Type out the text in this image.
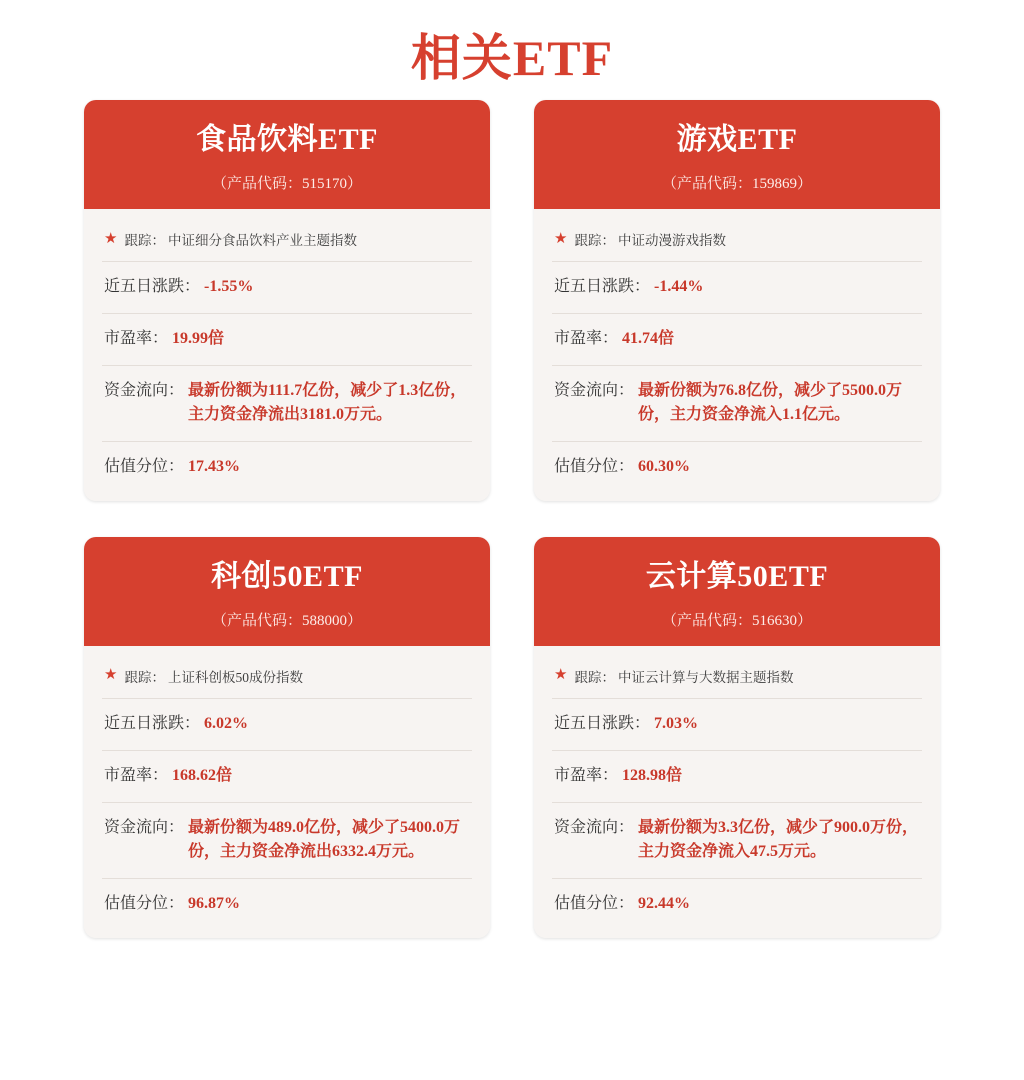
相关ETF
食品饮料ETF
（产品代码：515170）
★ 跟踪： 中证细分食品饮料产业主题指数
近五日涨跌： -1.55%
市盈率： 19.99倍
资金流向： 最新份额为111.7亿份，减少了1.3亿份，主力资金净流出3181.0万元。
估值分位： 17.43%
游戏ETF
（产品代码：159869）
★ 跟踪： 中证动漫游戏指数
近五日涨跌： -1.44%
市盈率： 41.74倍
资金流向： 最新份额为76.8亿份，减少了5500.0万份，主力资金净流入1.1亿元。
估值分位： 60.30%
科创50ETF
（产品代码：588000）
★ 跟踪： 上证科创板50成份指数
近五日涨跌： 6.02%
市盈率： 168.62倍
资金流向： 最新份额为489.0亿份，减少了5400.0万份，主力资金净流出6332.4万元。
估值分位： 96.87%
云计算50ETF
（产品代码：516630）
★ 跟踪： 中证云计算与大数据主题指数
近五日涨跌： 7.03%
市盈率： 128.98倍
资金流向： 最新份额为3.3亿份，减少了900.0万份，主力资金净流入47.5万元。
估值分位： 92.44%
